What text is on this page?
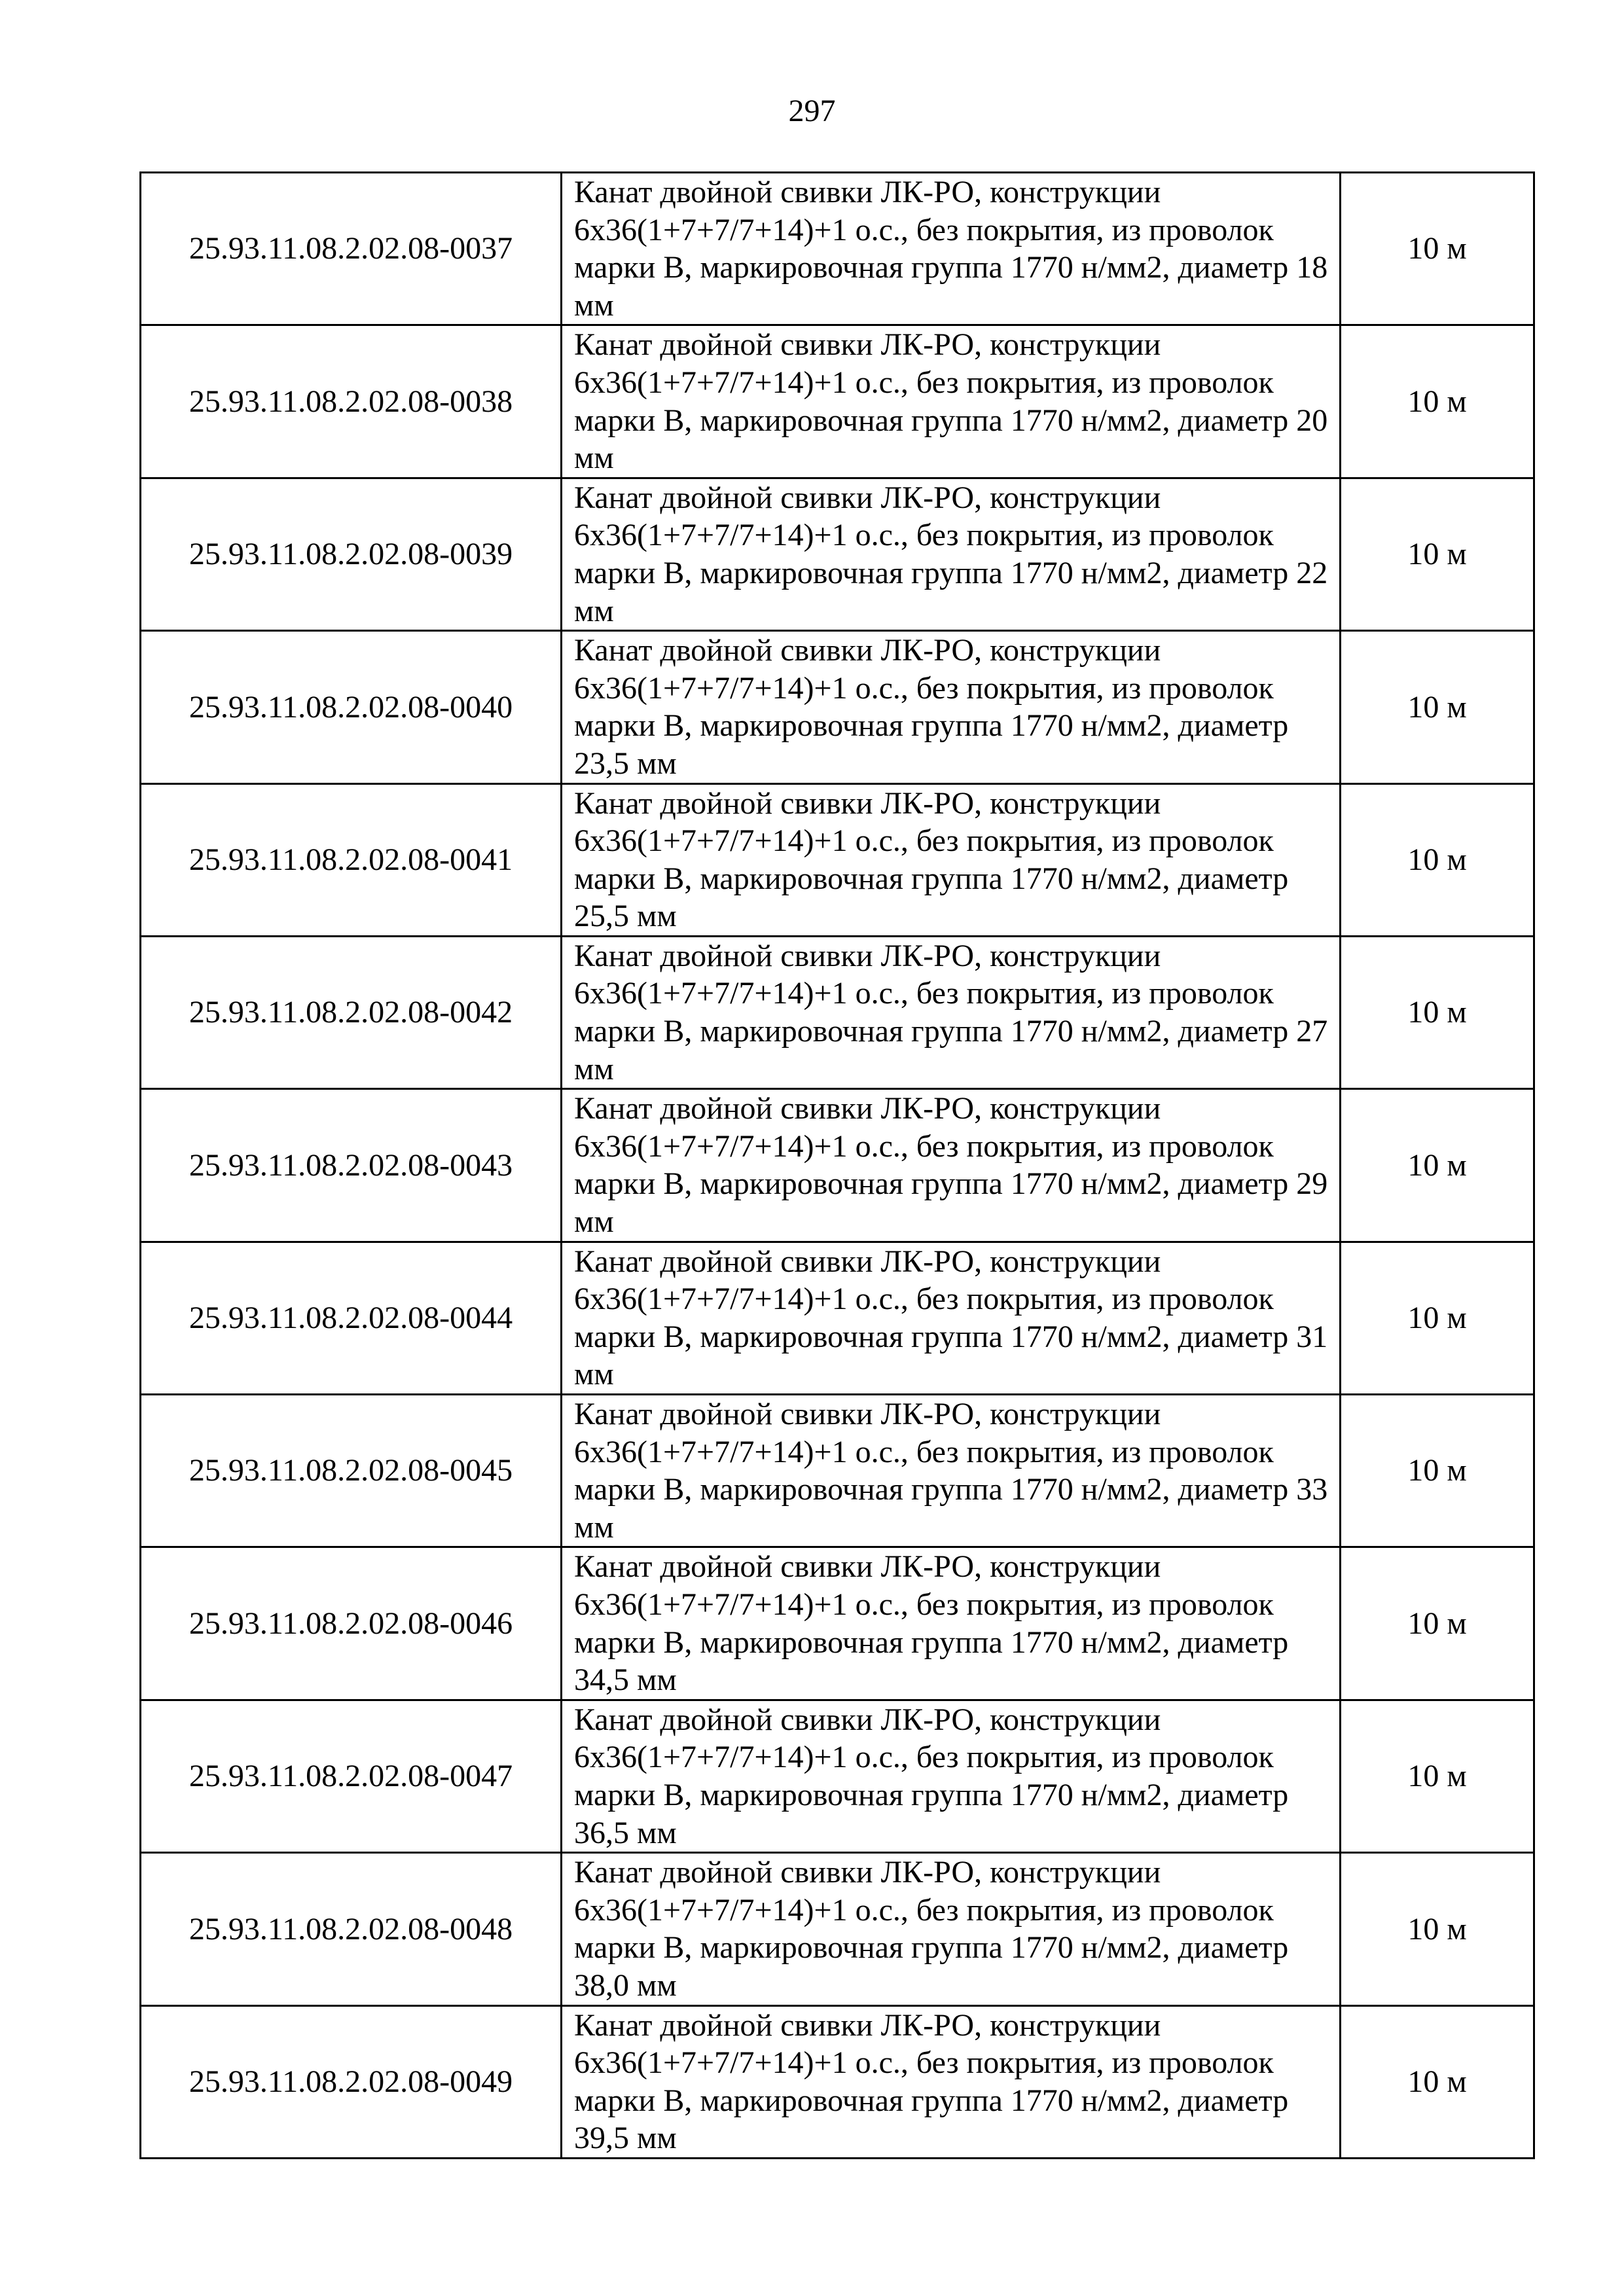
297
25.93.11.08.2.02.08-0037	Канат двойной свивки ЛК-РО, конструкции 6х36(1+7+7/7+14)+1 о.с., без покрытия, из проволок марки В, маркировочная группа 1770 н/мм2, диаметр 18 мм	10 м
25.93.11.08.2.02.08-0038	Канат двойной свивки ЛК-РО, конструкции 6х36(1+7+7/7+14)+1 о.с., без покрытия, из проволок марки В, маркировочная группа 1770 н/мм2, диаметр 20 мм	10 м
25.93.11.08.2.02.08-0039	Канат двойной свивки ЛК-РО, конструкции 6х36(1+7+7/7+14)+1 о.с., без покрытия, из проволок марки В, маркировочная группа 1770 н/мм2, диаметр 22 мм	10 м
25.93.11.08.2.02.08-0040	Канат двойной свивки ЛК-РО, конструкции 6х36(1+7+7/7+14)+1 о.с., без покрытия, из проволок марки В, маркировочная группа 1770 н/мм2, диаметр 23,5 мм	10 м
25.93.11.08.2.02.08-0041	Канат двойной свивки ЛК-РО, конструкции 6х36(1+7+7/7+14)+1 о.с., без покрытия, из проволок марки В, маркировочная группа 1770 н/мм2, диаметр 25,5 мм	10 м
25.93.11.08.2.02.08-0042	Канат двойной свивки ЛК-РО, конструкции 6х36(1+7+7/7+14)+1 о.с., без покрытия, из проволок марки В, маркировочная группа 1770 н/мм2, диаметр 27 мм	10 м
25.93.11.08.2.02.08-0043	Канат двойной свивки ЛК-РО, конструкции 6х36(1+7+7/7+14)+1 о.с., без покрытия, из проволок марки В, маркировочная группа 1770 н/мм2, диаметр 29 мм	10 м
25.93.11.08.2.02.08-0044	Канат двойной свивки ЛК-РО, конструкции 6х36(1+7+7/7+14)+1 о.с., без покрытия, из проволок марки В, маркировочная группа 1770 н/мм2, диаметр 31 мм	10 м
25.93.11.08.2.02.08-0045	Канат двойной свивки ЛК-РО, конструкции 6х36(1+7+7/7+14)+1 о.с., без покрытия, из проволок марки В, маркировочная группа 1770 н/мм2, диаметр 33 мм	10 м
25.93.11.08.2.02.08-0046	Канат двойной свивки ЛК-РО, конструкции 6х36(1+7+7/7+14)+1 о.с., без покрытия, из проволок марки В, маркировочная группа 1770 н/мм2, диаметр 34,5 мм	10 м
25.93.11.08.2.02.08-0047	Канат двойной свивки ЛК-РО, конструкции 6х36(1+7+7/7+14)+1 о.с., без покрытия, из проволок марки В, маркировочная группа 1770 н/мм2, диаметр 36,5 мм	10 м
25.93.11.08.2.02.08-0048	Канат двойной свивки ЛК-РО, конструкции 6х36(1+7+7/7+14)+1 о.с., без покрытия, из проволок марки В, маркировочная группа 1770 н/мм2, диаметр 38,0 мм	10 м
25.93.11.08.2.02.08-0049	Канат двойной свивки ЛК-РО, конструкции 6х36(1+7+7/7+14)+1 о.с., без покрытия, из проволок марки В, маркировочная группа 1770 н/мм2, диаметр 39,5 мм	10 м
